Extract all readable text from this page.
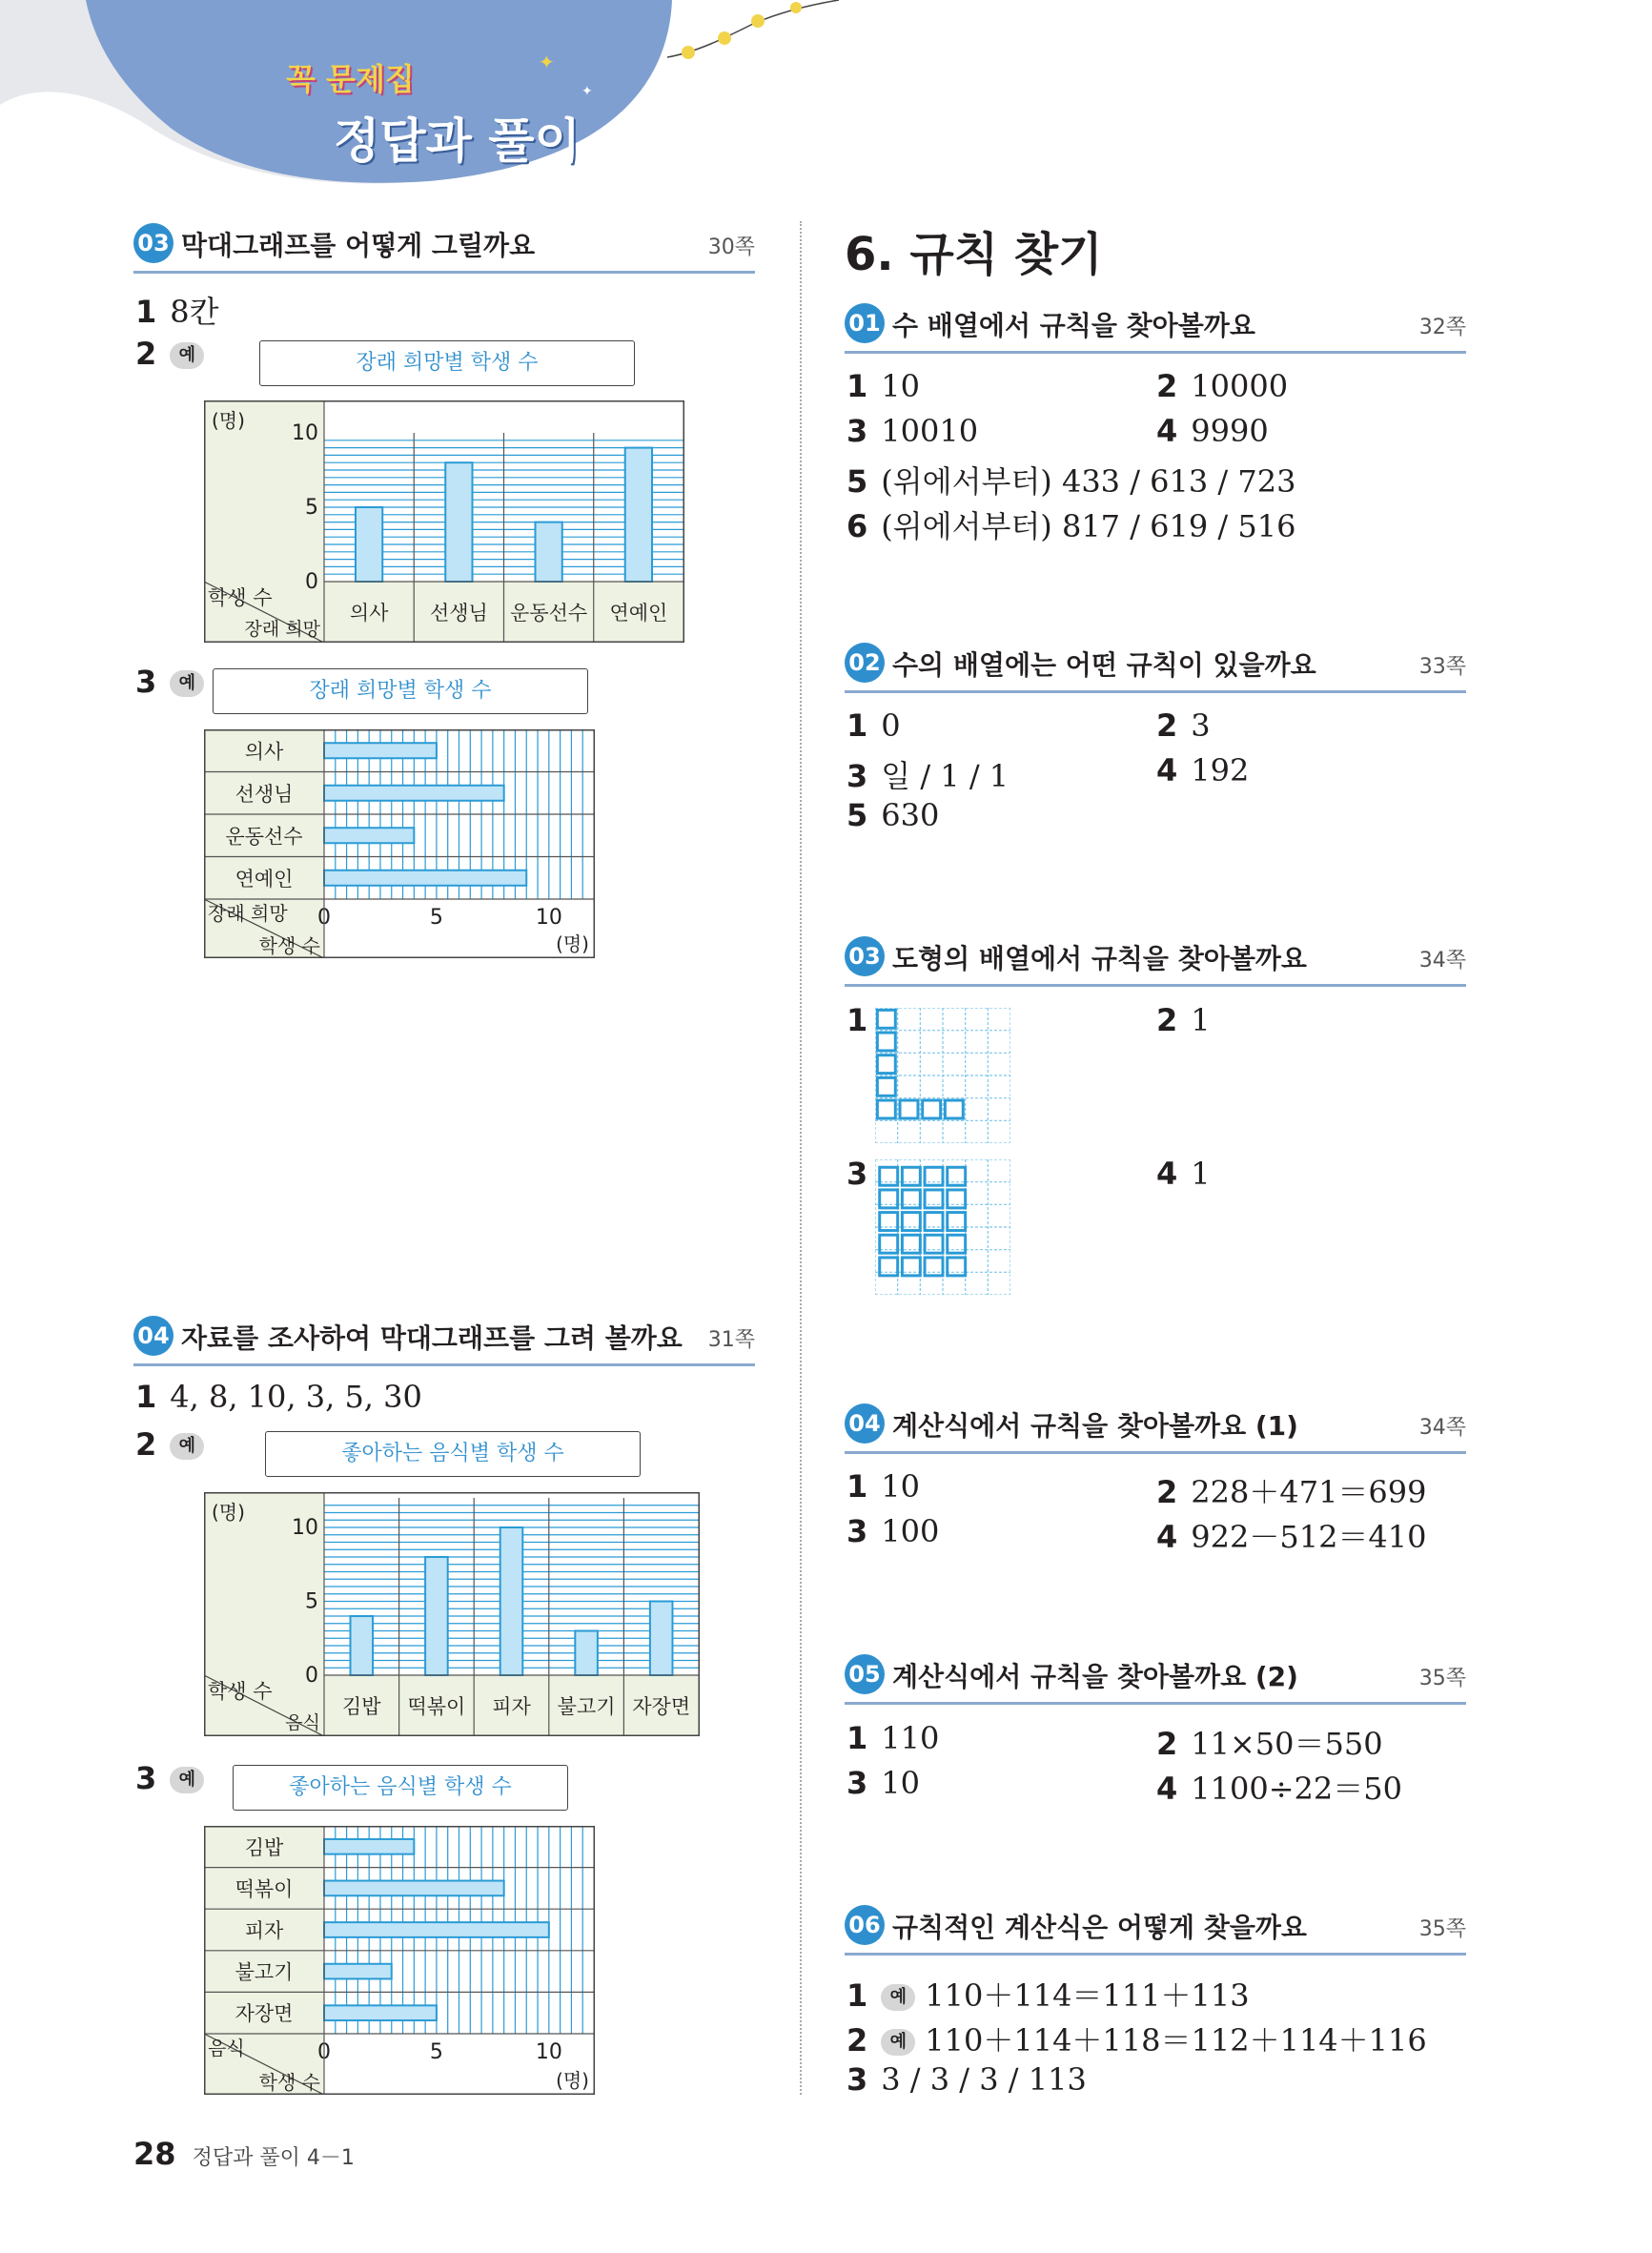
✦
✦
꼭 문제집
정답과 풀이
03 막대그래프를 어떻게 그릴까요	30쪽
1 8칸
2 예	장래 희망별 학생 수
의사 선생님 운동선수 연예인
0
5
10
(명)
학생 수
장래 희망
3 예	장래 희망별 학생 수
의사
선생님
운동선수
연예인
0	5	10
(명)
장래 희망
학생 수
04 자료를 조사하여 막대그래프를 그려 볼까요 31쪽
1 4, 8, 10, 3, 5, 30
2 예	좋아하는 음식별 학생 수
김밥 떡볶이 피자 불고기 자장면
0
5
10
(명)
학생 수
음식
3 예	좋아하는 음식별 학생 수
김밥
떡볶이
피자
불고기
자장면
0	5	10
(명)
음식
학생 수
6. 규칙 찾기
01 수 배열에서 규칙을 찾아볼까요	32쪽
1 10	2 10000
3 10010	4 9990
5 (위에서부터) 433 / 613 / 723
6 (위에서부터) 817 / 619 / 516
02 수의 배열에는 어떤 규칙이 있을까요	33쪽
1 0	2 3
3 일 / 1 / 1	4 192
5 630
03 도형의 배열에서 규칙을 찾아볼까요	34쪽
1	2 1
3	4 1
04 계산식에서 규칙을 찾아볼까요 (1)	34쪽
1 10	2 228＋471＝699
3 100	4 922－512＝410
05 계산식에서 규칙을 찾아볼까요 (2)	35쪽
1 110	2 11×50＝550
3 10	4 1100÷22＝50
06 규칙적인 계산식은 어떻게 찾을까요	35쪽
1 예 110＋114＝111＋113
2 예 110＋114＋118＝112＋114＋116
3 3 / 3 / 3 / 113
28 정답과 풀이 4－1
